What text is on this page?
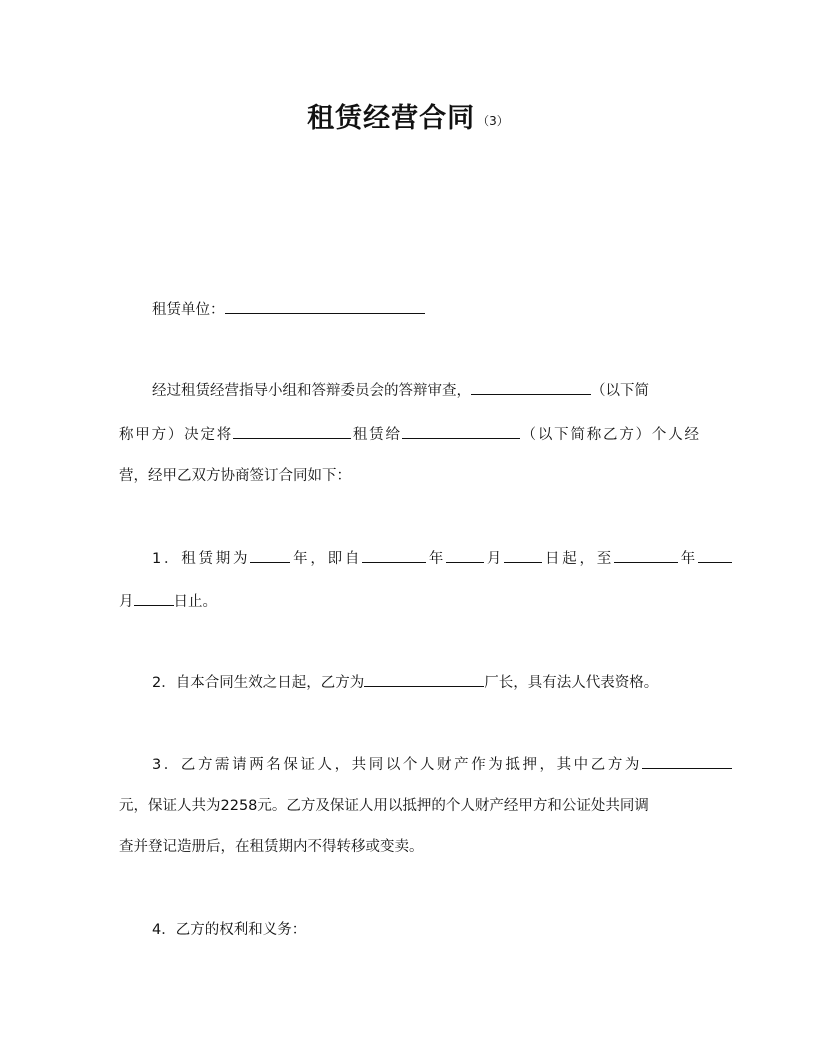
租赁经营合同 （3）
租赁单位：
经过租赁经营指导小组和答辩委员会的答辩审查，	（以下简
称甲方）决定将	租赁给	（以下简称乙方）个人经
营，经甲乙双方协商签订合同如下：
1．租赁期为	年，即自	年	月	日起，至	年
月	日止。
2．自本合同生效之日起，乙方为	厂长，具有法人代表资格。
3．乙方需请两名保证人，共同以个人财产作为抵押，其中乙方为
元，保证人共为2258元。乙方及保证人用以抵押的个人财产经甲方和公证处共同调
查并登记造册后，在租赁期内不得转移或变卖。
4．乙方的权利和义务：
